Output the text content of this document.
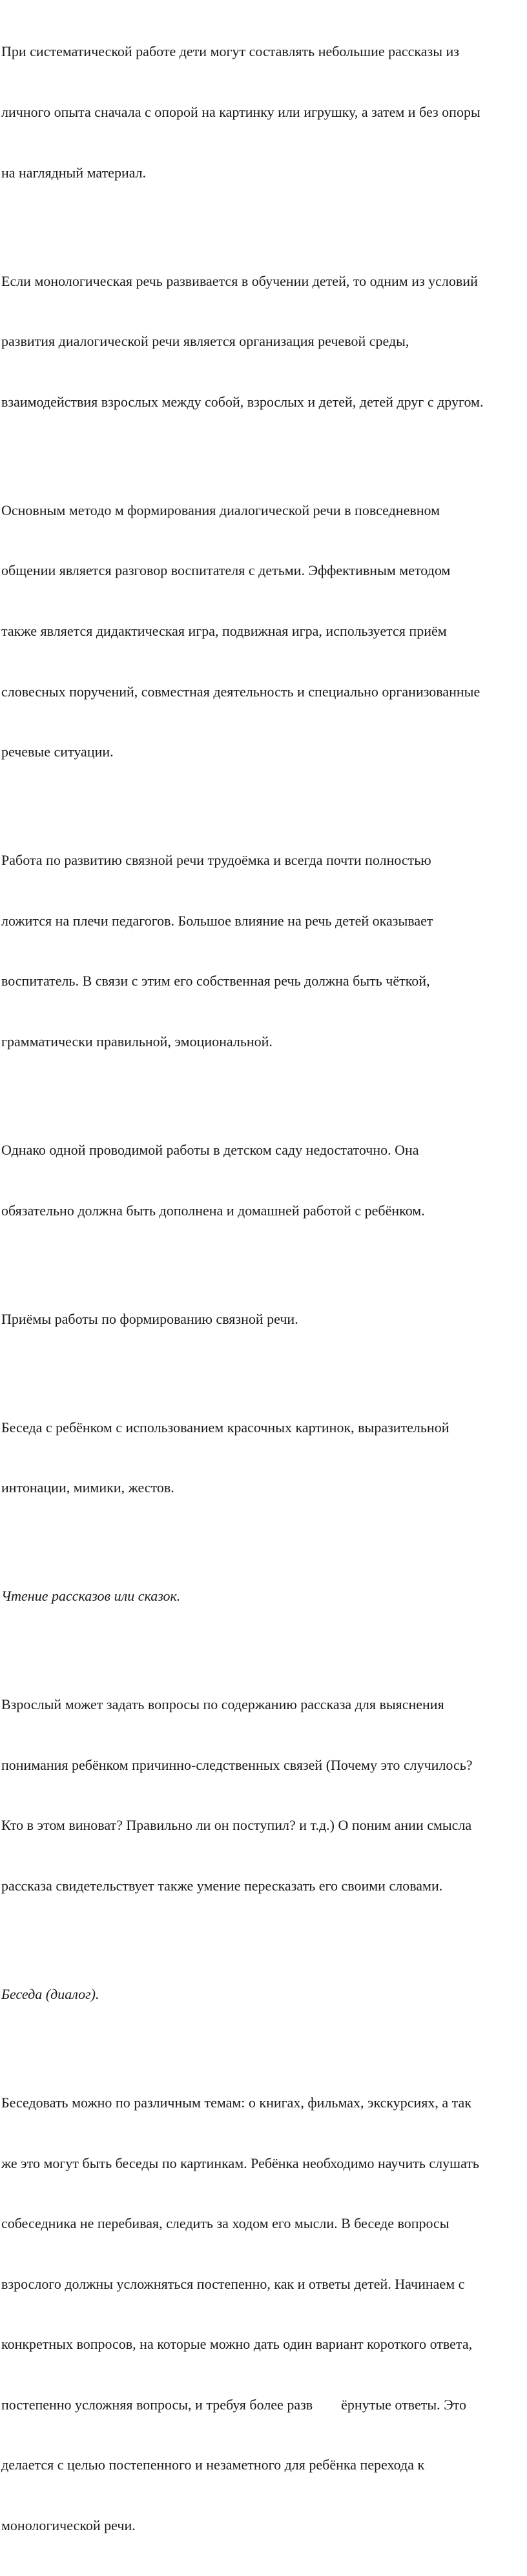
При систематической работе дети могут составлять небольшие рассказы из

личного опыта сначала с опорой на картинку или игрушку, а затем и без опоры

на наглядный материал.

Если монологическая речь развивается в обучении детей, то одним из условий

развития диалогической речи является организация речевой среды,

взаимодействия взрослых между собой, взрослых и детей, детей друг с другом.

Основным методо м формирования диалогической речи в повседневном

общении является разговор воспитателя с детьми. Эффективным методом

также является дидактическая игра, подвижная игра, используется приём

словесных поручений, совместная деятельность и специально организованные

речевые ситуации.

Работа по развитию связной речи трудоёмка и всегда почти полностью

ложится на плечи педагогов. Большое влияние на речь детей оказывает

воспитатель. В связи с этим его собственная речь должна быть чёткой,

грамматически правильной, эмоциональной.

Однако одной проводимой работы в детском саду недостаточно. Она

обязательно должна быть дополнена и домашней работой с ребёнком.

Приёмы работы по формированию связной речи.

Беседа с ребёнком с использованием красочных картинок, выразительной

интонации, мимики, жестов.

Чтение рассказов или сказок.

Взрослый может задать вопросы по содержанию рассказа для выяснения

понимания ребёнком причинно-следственных связей (Почему это случилось?

Кто в этом виноват? Правильно ли он поступил? и т.д.) О поним ании смысла

рассказа свидетельствует также умение пересказать его своими словами.

Беседа (диалог).

Беседовать можно по различным темам: о книгах, фильмах, экскурсиях, а так

же это могут быть беседы по картинкам. Ребёнка необходимо научить слушать

собеседника не перебивая, следить за ходом его мысли. В беседе вопросы

взрослого должны усложняться постепенно, как и ответы детей. Начинаем с

конкретных вопросов, на которые можно дать один вариант короткого ответа,

постепенно усложняя вопросы, и требуя более разв        ёрнутые ответы. Это

делается с целью постепенного и незаметного для ребёнка перехода к

монологической речи.
